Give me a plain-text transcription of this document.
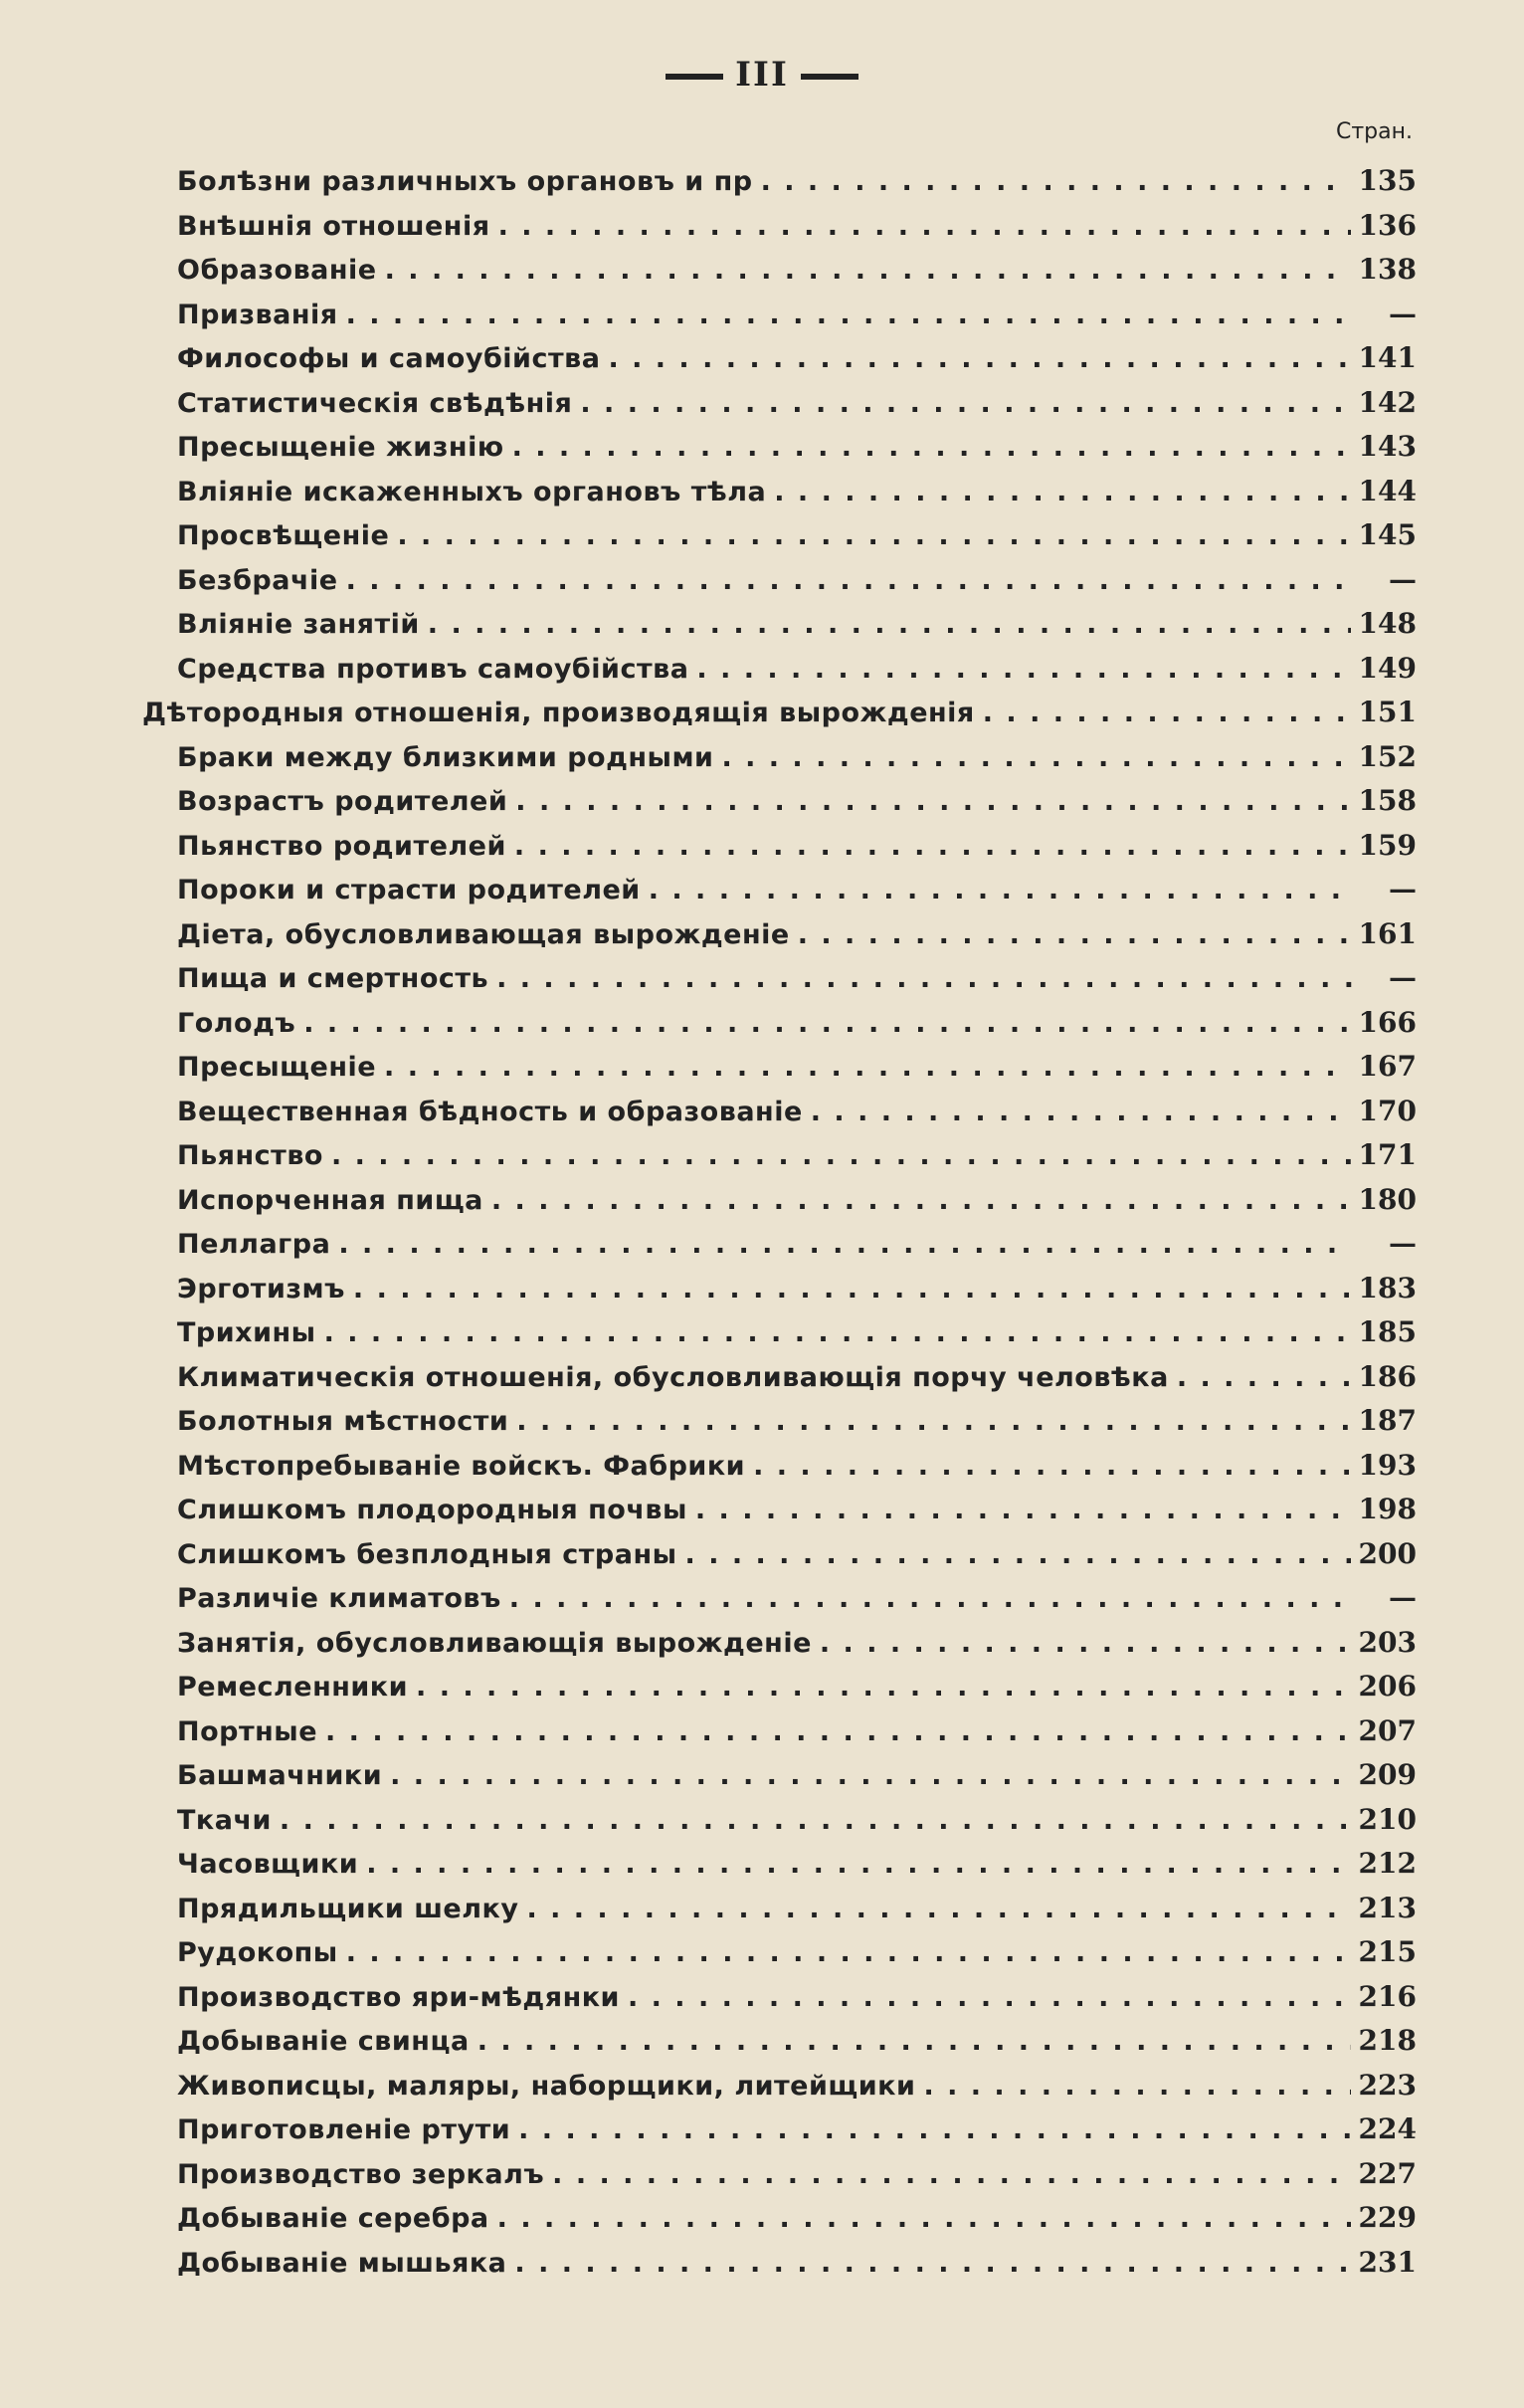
III
Стран.
Болѣзни различныхъ органовъ и пр . . .	135
Внѣшнія отношенія . . .	136
Образованіе . . .	138
Призванія . . .	—
Философы и самоубійства . . .	141
Статистическія свѣдѣнія . . .	142
Пресыщеніе жизнію . . .	143
Вліяніе искаженныхъ органовъ тѣла . . .	144
Просвѣщеніе . . .	145
Безбрачіе . . .	—
Вліяніе занятій . . .	148
Средства противъ самоубійства . . .	149
Дѣторoдныя отношенія, производящія вырожденія . . .	151
Браки между близкими родными . . .	152
Возрастъ родителей . . .	158
Пьянство родителей . . .	159
Пороки и страсти родителей . . .	—
Діета, обусловливающая вырожденіе . . .	161
Пища и смертность . . .	—
Голодъ . . .	166
Пресыщеніе . . .	167
Вещественная бѣдность и образованіе . . .	170
Пьянство . . .	171
Испорченная пища . . .	180
Пеллагра . . .	—
Эрготизмъ . . .	183
Трихины . . .	185
Климатическія отношенія, обусловливающія порчу человѣка . . .	186
Болотныя мѣстности . . .	187
Мѣстопребываніе войскъ. Фабрики . . .	193
Слишкомъ плодородныя почвы . . .	198
Слишкомъ безплодныя страны . . .	200
Различіе климатовъ . . .	—
Занятія, обусловливающія вырожденіе . . .	203
Ремесленники . . .	206
Портные . . .	207
Башмачники . . .	209
Ткачи . . .	210
Часовщики . . .	212
Прядильщики шелку . . .	213
Рудокопы . . .	215
Производство яри-мѣдянки . . .	216
Добываніе свинца . . .	218
Живописцы, маляры, наборщики, литейщики . . .	223
Приготовленіе ртути . . .	224
Производство зеркалъ . . .	227
Добываніе серебра . . .	229
Добываніе мышьяка . . .	231
